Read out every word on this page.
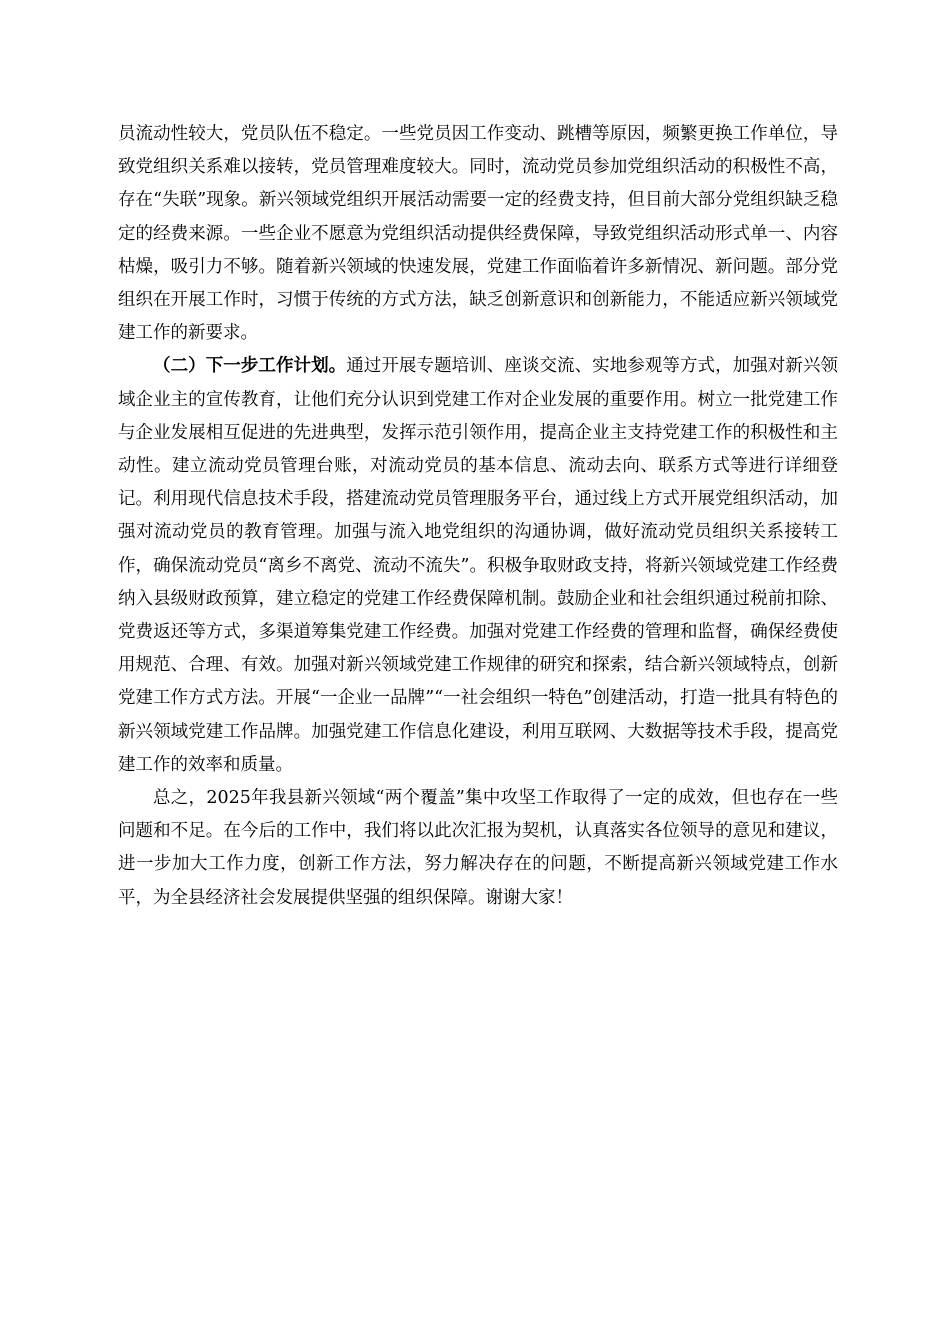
员流动性较大，党员队伍不稳定。一些党员因工作变动、跳槽等原因，频繁更换工作单位，导致党组织关系难以接转，党员管理难度较大。同时，流动党员参加党组织活动的积极性不高，存在“失联”现象。新兴领域党组织开展活动需要一定的经费支持，但目前大部分党组织缺乏稳定的经费来源。一些企业不愿意为党组织活动提供经费保障，导致党组织活动形式单一、内容枯燥，吸引力不够。随着新兴领域的快速发展，党建工作面临着许多新情况、新问题。部分党组织在开展工作时，习惯于传统的方式方法，缺乏创新意识和创新能力，不能适应新兴领域党建工作的新要求。

（二）下一步工作计划。通过开展专题培训、座谈交流、实地参观等方式，加强对新兴领域企业主的宣传教育，让他们充分认识到党建工作对企业发展的重要作用。树立一批党建工作与企业发展相互促进的先进典型，发挥示范引领作用，提高企业主支持党建工作的积极性和主动性。建立流动党员管理台账，对流动党员的基本信息、流动去向、联系方式等进行详细登记。利用现代信息技术手段，搭建流动党员管理服务平台，通过线上方式开展党组织活动，加强对流动党员的教育管理。加强与流入地党组织的沟通协调，做好流动党员组织关系接转工作，确保流动党员“离乡不离党、流动不流失”。积极争取财政支持，将新兴领域党建工作经费纳入县级财政预算，建立稳定的党建工作经费保障机制。鼓励企业和社会组织通过税前扣除、党费返还等方式，多渠道筹集党建工作经费。加强对党建工作经费的管理和监督，确保经费使用规范、合理、有效。加强对新兴领域党建工作规律的研究和探索，结合新兴领域特点，创新党建工作方式方法。开展“一企业一品牌”“一社会组织一特色”创建活动，打造一批具有特色的新兴领域党建工作品牌。加强党建工作信息化建设，利用互联网、大数据等技术手段，提高党建工作的效率和质量。

总之，2025年我县新兴领域“两个覆盖”集中攻坚工作取得了一定的成效，但也存在一些问题和不足。在今后的工作中，我们将以此次汇报为契机，认真落实各位领导的意见和建议，进一步加大工作力度，创新工作方法，努力解决存在的问题，不断提高新兴领域党建工作水平，为全县经济社会发展提供坚强的组织保障。谢谢大家！
